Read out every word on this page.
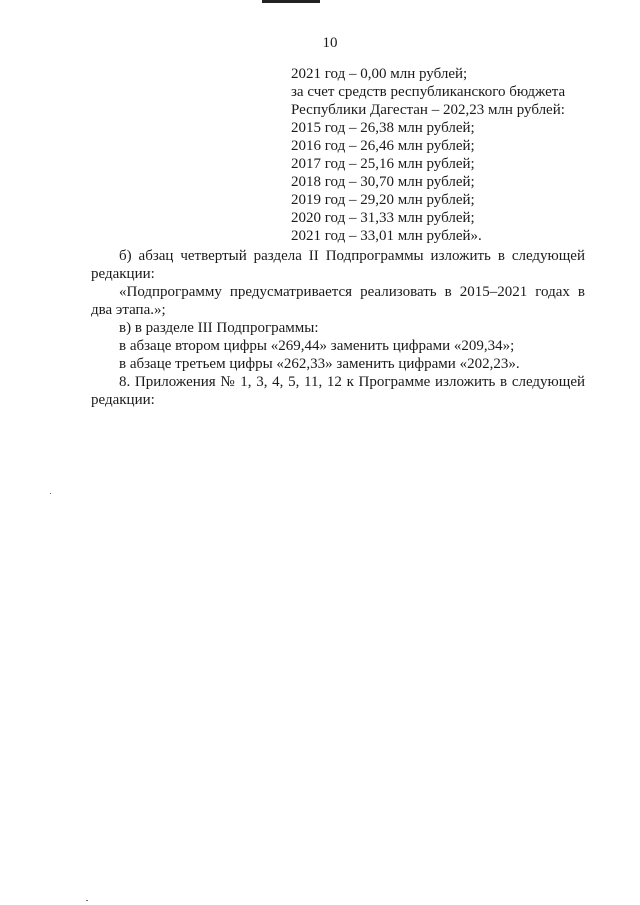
10
2021 год – 0,00 млн рублей;
за счет средств республиканского бюджета
Республики Дагестан – 202,23 млн рублей:
2015 год – 26,38 млн рублей;
2016 год – 26,46 млн рублей;
2017 год – 25,16 млн рублей;
2018 год – 30,70 млн рублей;
2019 год – 29,20 млн рублей;
2020 год – 31,33 млн рублей;
2021 год – 33,01 млн рублей».
б) абзац четвертый раздела II Подпрограммы изложить в следующей
редакции:
«Подпрограмму предусматривается реализовать в 2015–2021 годах в
два этапа.»;
в) в разделе III Подпрограммы:
в абзаце втором цифры «269,44» заменить цифрами «209,34»;
в абзаце третьем цифры «262,33» заменить цифрами «202,23».
8. Приложения № 1, 3, 4, 5, 11, 12 к Программе изложить в следующей
редакции:
